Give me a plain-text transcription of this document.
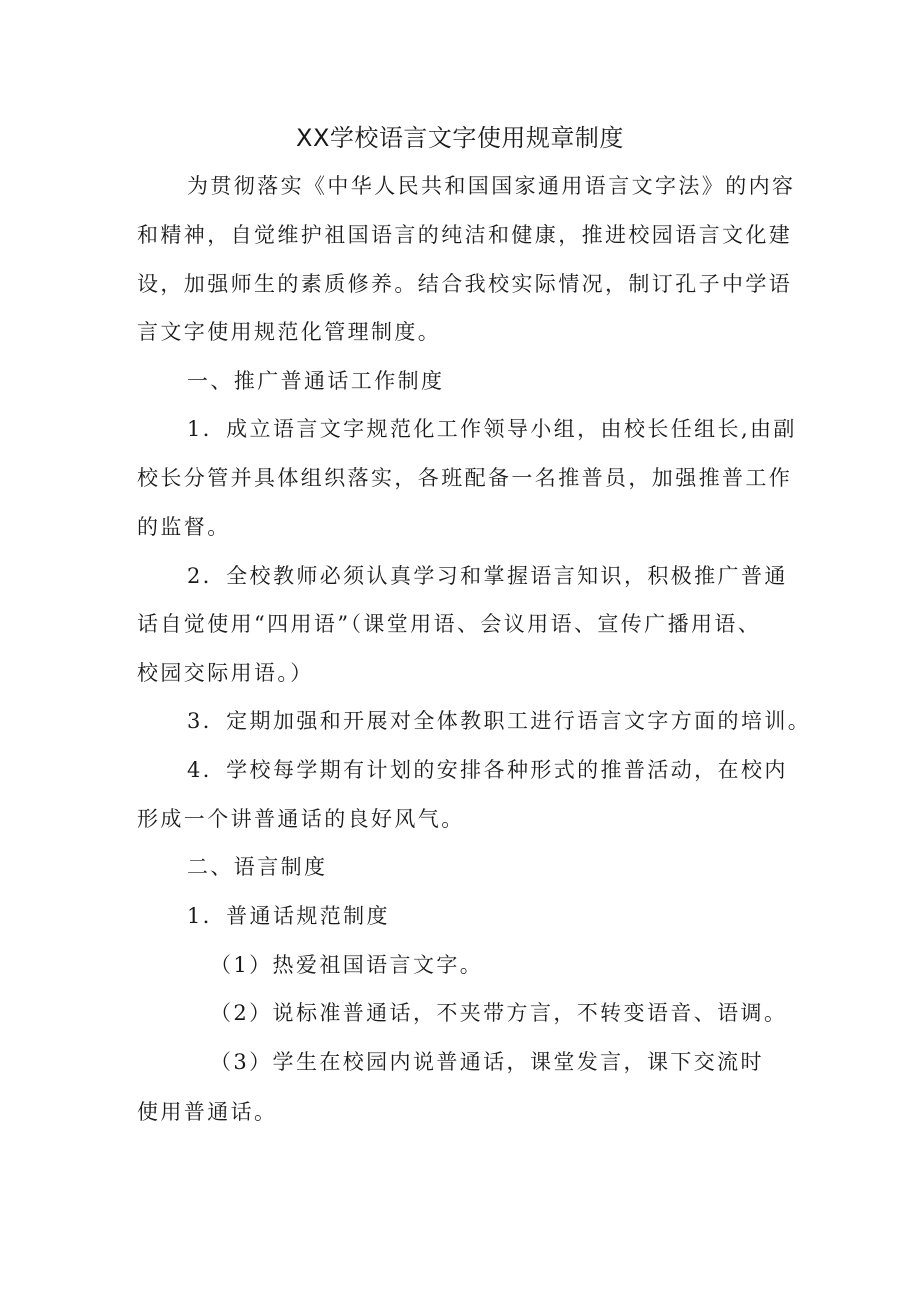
XX学校语言文字使用规章制度

为贯彻落实《中华人民共和国国家通用语言文字法》的内容

和精神，自觉维护祖国语言的纯洁和健康，推进校园语言文化建

设，加强师生的素质修养。结合我校实际情况，制订孔子中学语

言文字使用规范化管理制度。

一、推广普通话工作制度

1．成立语言文字规范化工作领导小组，由校长任组长,由副

校长分管并具体组织落实，各班配备一名推普员，加强推普工作

的监督。

2．全校教师必须认真学习和掌握语言知识，积极推广普通

话自觉使用“四用语”（课堂用语、会议用语、宣传广播用语、

校园交际用语。）

3．定期加强和开展对全体教职工进行语言文字方面的培训。

4．学校每学期有计划的安排各种形式的推普活动，在校内

形成一个讲普通话的良好风气。

二、语言制度

1．普通话规范制度

（1）热爱祖国语言文字。

（2）说标准普通话，不夹带方言，不转变语音、语调。

（3）学生在校园内说普通话，课堂发言，课下交流时

使用普通话。
